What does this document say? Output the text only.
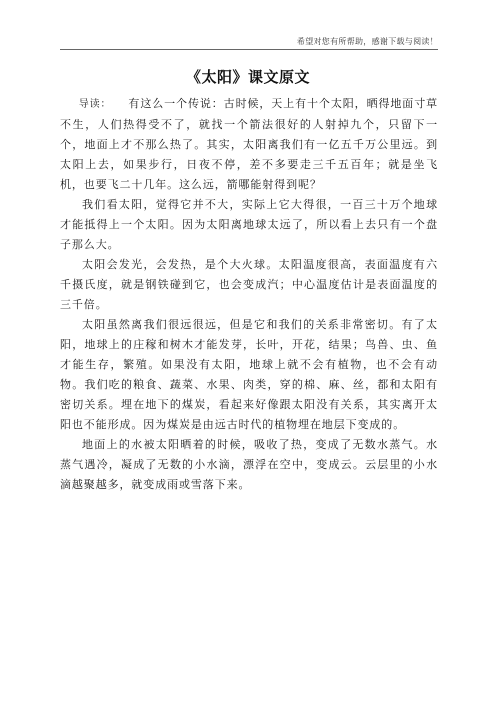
希望对您有所帮助，感谢下载与阅读！
《太阳》课文原文

导读： 有这么一个传说：古时候，天上有十个太阳，晒得地面寸草不生，人们热得受不了，就找一个箭法很好的人射掉九个，只留下一个，地面上才不那么热了。其实，太阳离我们有一亿五千万公里远。到太阳上去，如果步行，日夜不停，差不多要走三千五百年；就是坐飞机，也要飞二十几年。这么远，箭哪能射得到呢？

我们看太阳，觉得它并不大，实际上它大得很，一百三十万个地球才能抵得上一个太阳。因为太阳离地球太远了，所以看上去只有一个盘子那么大。

太阳会发光，会发热，是个大火球。太阳温度很高，表面温度有六千摄氏度，就是钢铁碰到它，也会变成汽；中心温度估计是表面温度的三千倍。

太阳虽然离我们很远很远，但是它和我们的关系非常密切。有了太阳，地球上的庄稼和树木才能发芽，长叶，开花，结果；鸟兽、虫、鱼才能生存，繁殖。如果没有太阳，地球上就不会有植物，也不会有动物。我们吃的粮食、蔬菜、水果、肉类，穿的棉、麻、丝，都和太阳有密切关系。埋在地下的煤炭，看起来好像跟太阳没有关系，其实离开太阳也不能形成。因为煤炭是由远古时代的植物埋在地层下变成的。

地面上的水被太阳晒着的时候，吸收了热，变成了无数水蒸气。水蒸气遇冷，凝成了无数的小水滴，漂浮在空中，变成云。云层里的小水滴越聚越多，就变成雨或雪落下来。
